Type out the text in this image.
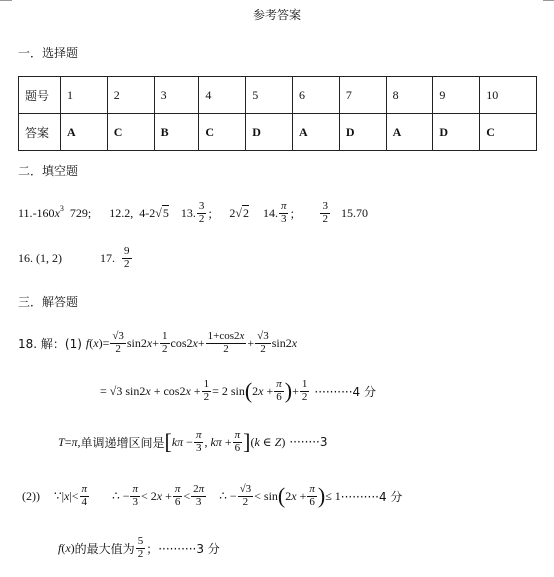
参考答案
一．选择题
题号	1	2	3	4	5	6	7	8	9	10
答案	A	C	B	C	D	A	D	A	D	C
二．填空题
11. -160 $x^3$ 729; 12.2, 4-2 √ 5 13. $\frac{3}{2}$ ； 2 √ 2 14. $\frac{\pi}{3}$ ； $\frac{3}{2} 15.70$
16. (1, 2)	17. $\frac{9}{2}$
三．解答题
18. 解：(1) f ( x )= $\frac{√3}{2} \sin 2$ $x + \frac{1}{2} \cos 2$ $x + \frac{1+\cos 2x}{2} + \frac{√3}{2} \sin 2$ x
= √3 $\sin 2x + \cos 2x + \frac{1}{2} = 2$ sin ( $2x + \frac{\pi}{6}$ ) + $\frac{1}{2} \cdot\cdot\cdot\cdot\cdot\cdot\cdot\cdot\cdot\cdot 4$ 分
T = π , 单调递增区间是 [ $k\pi - \frac{\pi}{3}$ , $k\pi + \frac{\pi}{6}$ ] (k ∈ Z) ········3
(2)) ∵|x|< $\frac{\pi}{4}$ ∴ − $\frac{\pi}{3} < 2x + \frac{\pi}{6} < \frac{2\pi}{3}$ ∴ − $\frac{√3}{2} < \sin$ ( $2x + \frac{\pi}{6}$ ) ≤ 1 ··········4 分
f(x) 的最大值为 $\frac{5}{2}$ ； ··········3 分
